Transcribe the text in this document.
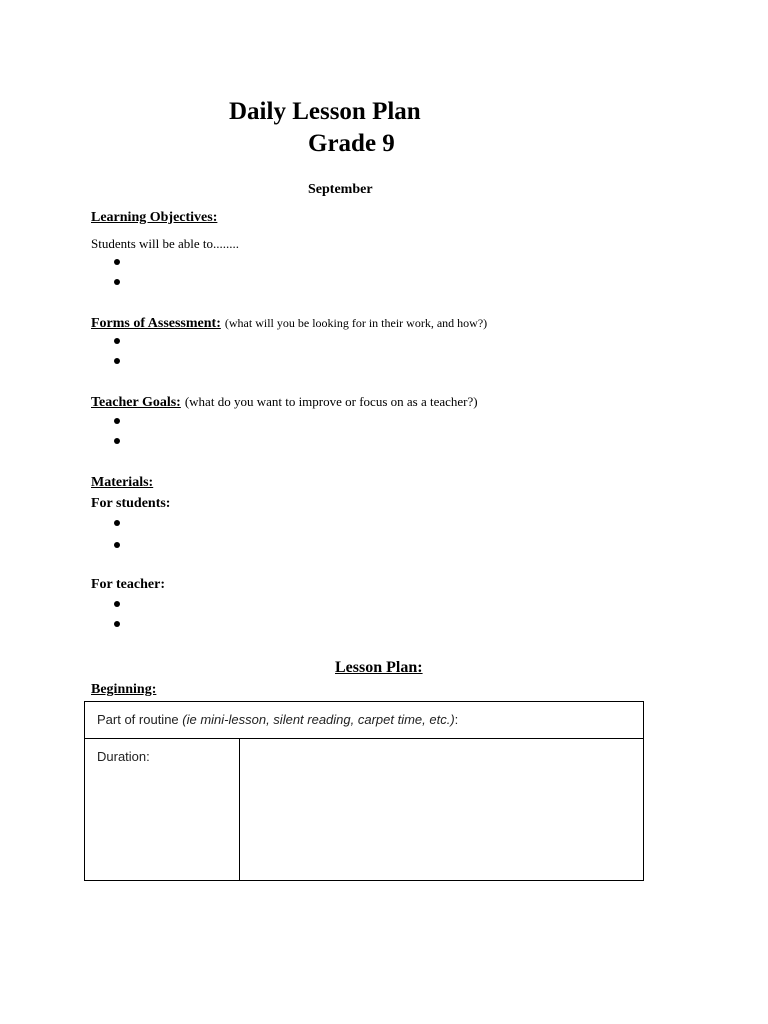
Daily Lesson Plan
Grade 9
September
Learning Objectives:
Students will be able to........
Forms of Assessment: (what will you be looking for in their work, and how?)
Teacher Goals: (what do you want to improve or focus on as a teacher?)
Materials:
For students:
For teacher:
Lesson Plan:
Beginning:
Part of routine (ie mini-lesson, silent reading, carpet time, etc.):
Duration:	
